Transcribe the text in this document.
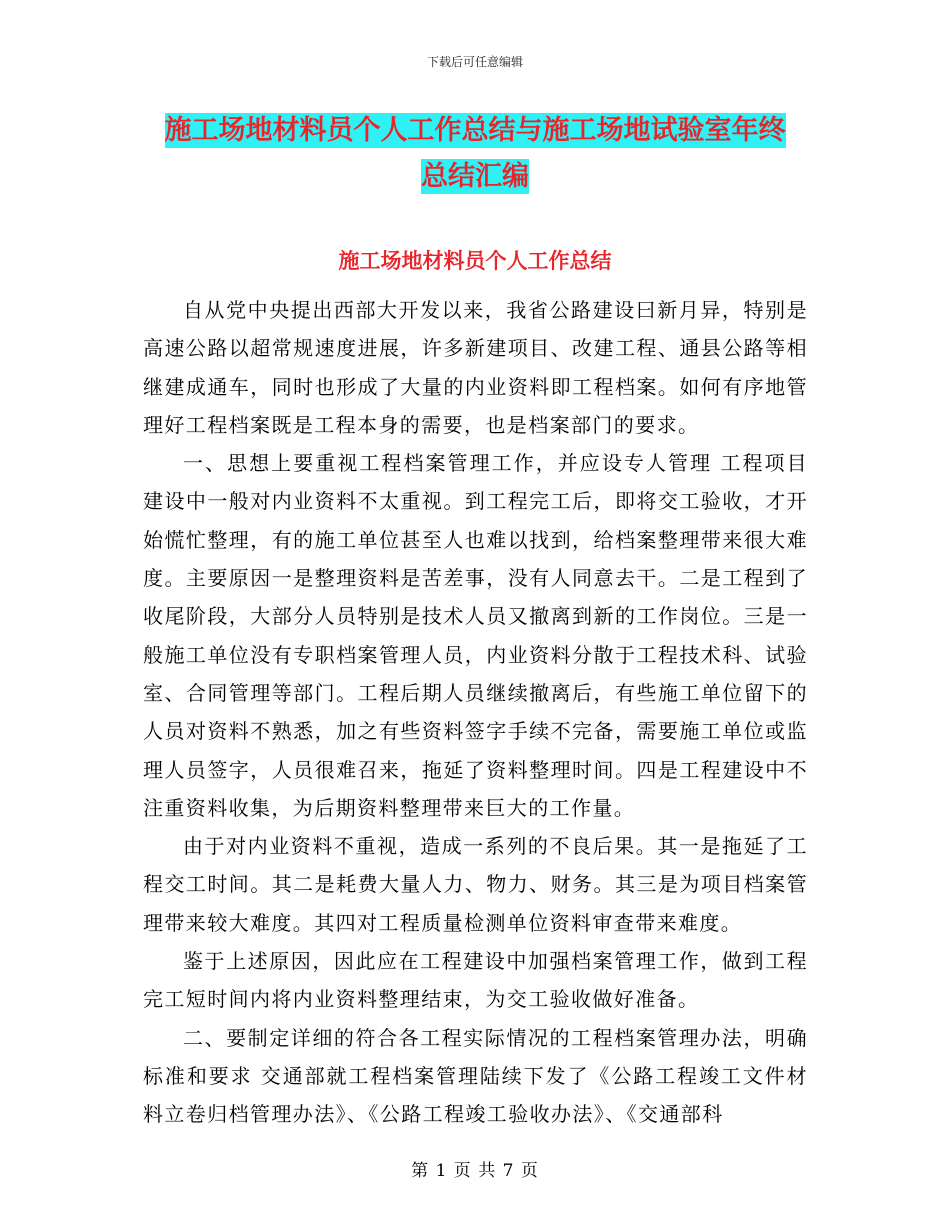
下载后可任意编辑
施工场地材料员个人工作总结与施工场地试验室年终
总结汇编
施工场地材料员个人工作总结

自从党中央提出西部大开发以来，我省公路建设曰新月异，特别是高速公路以超常规速度进展，许多新建项目、改建工程、通县公路等相继建成通车，同时也形成了大量的内业资料即工程档案。如何有序地管理好工程档案既是工程本身的需要，也是档案部门的要求。

一、思想上要重视工程档案管理工作，并应设专人管理 工程项目建设中一般对内业资料不太重视。到工程完工后，即将交工验收，才开始慌忙整理，有的施工单位甚至人也难以找到，给档案整理带来很大难度。主要原因一是整理资料是苦差事，没有人同意去干。二是工程到了收尾阶段，大部分人员特别是技术人员又撤离到新的工作岗位。三是一般施工单位没有专职档案管理人员，内业资料分散于工程技术科、试验室、合同管理等部门。工程后期人员继续撤离后，有些施工单位留下的人员对资料不熟悉，加之有些资料签字手续不完备，需要施工单位或监理人员签字，人员很难召来，拖延了资料整理时间。四是工程建设中不注重资料收集，为后期资料整理带来巨大的工作量。

由于对内业资料不重视，造成一系列的不良后果。其一是拖延了工程交工时间。其二是耗费大量人力、物力、财务。其三是为项目档案管理带来较大难度。其四对工程质量检测单位资料审查带来难度。

鉴于上述原因，因此应在工程建设中加强档案管理工作，做到工程完工短时间内将内业资料整理结束，为交工验收做好准备。

二、要制定详细的符合各工程实际情况的工程档案管理办法，明确标准和要求 交通部就工程档案管理陆续下发了《公路工程竣工文件材料立卷归档管理办法》、《公路工程竣工验收办法》、《交通部科

第 1 页 共 7 页
